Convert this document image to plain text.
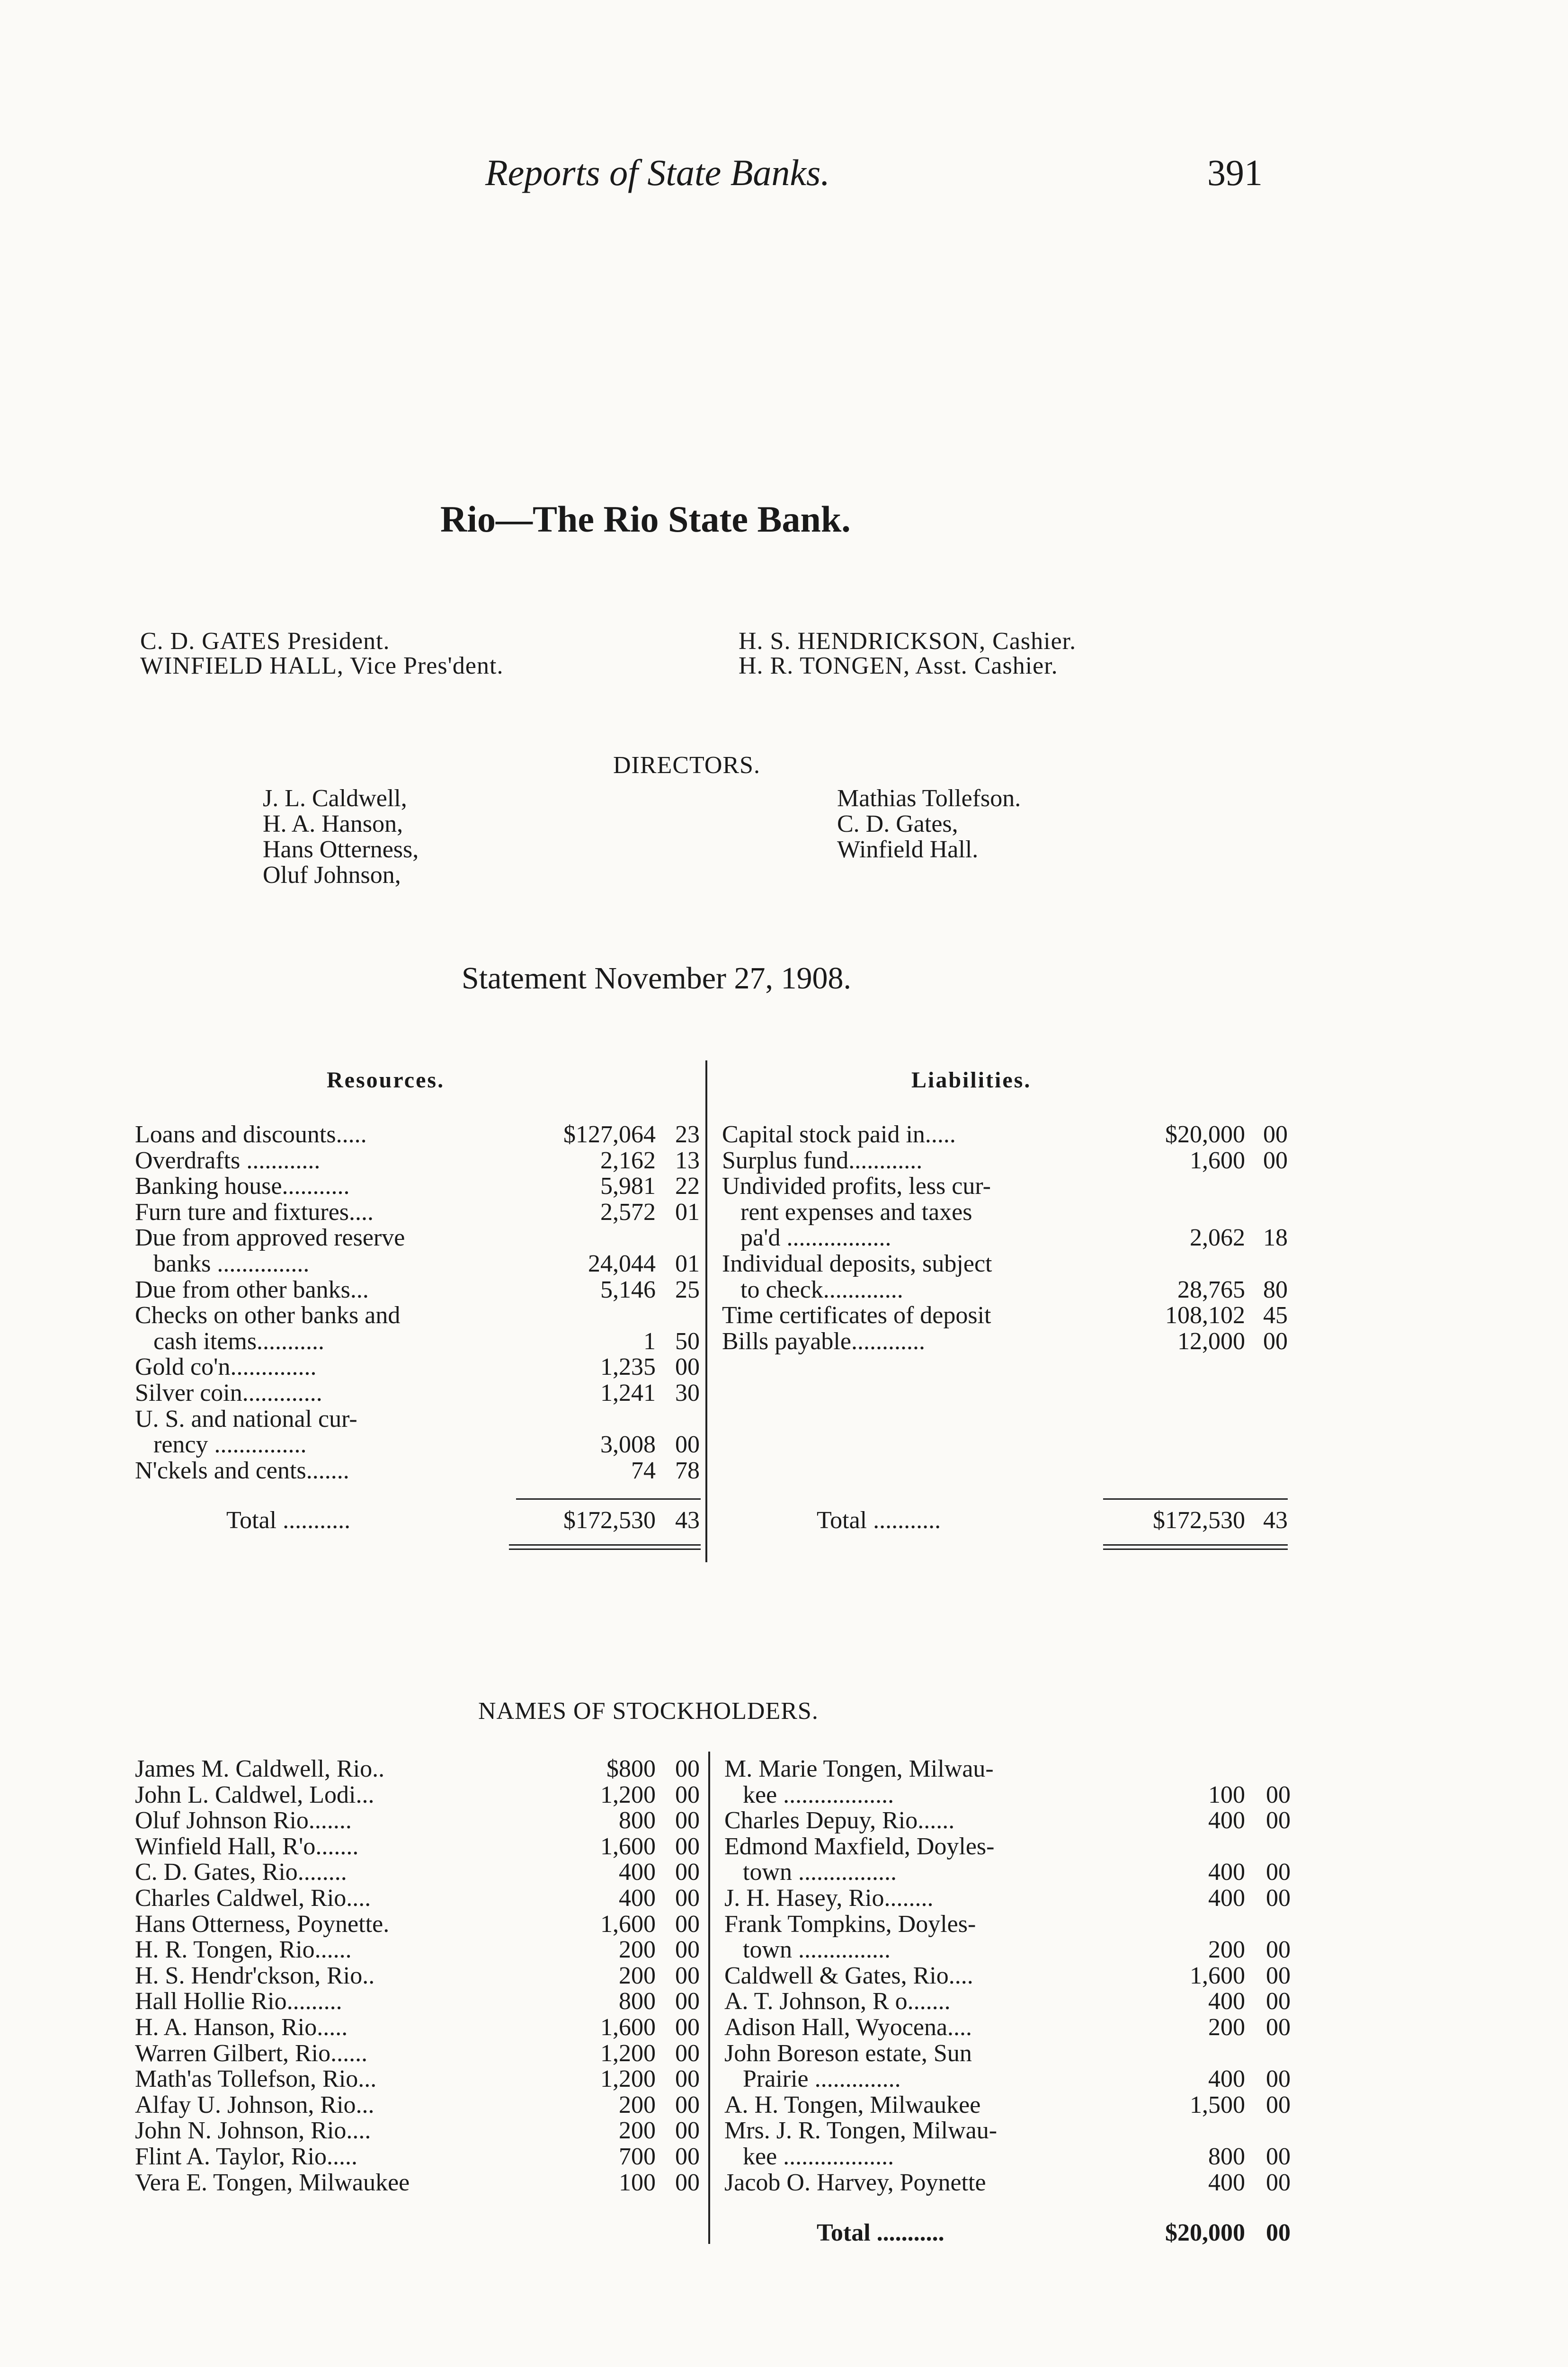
Reports of State Banks.	391
Rio—The Rio State Bank.
C. D. GATES President.
WINFIELD HALL, Vice Pres'dent.
H. S. HENDRICKSON, Cashier.
H. R. TONGEN, Asst. Cashier.
DIRECTORS.
J. L. Caldwell,
H. A. Hanson,
Hans Otterness,
Oluf Johnson,
Mathias Tollefson.
C. D. Gates,
Winfield Hall.
Statement November 27, 1908.
Resources.	Liabilities.
Loans and discounts.....	$127,064 23
Overdrafts ............	2,162 13
Banking house...........	5,981 22
Furn ture and fixtures....	2,572 01
Due from approved reserve
banks ...............	24,044 01
Due from other banks...	5,146 25
Checks on other banks and
cash items...........	1 50
Gold co'n..............	1,235 00
Silver coin.............	1,241 30
U. S. and national cur-
rency ...............	3,008 00
N'ckels and cents.......	74 78
Total ...........	$172,530 43
Capital stock paid in.....	$20,000 00
Surplus fund............	1,600 00
Undivided profits, less cur-
rent expenses and taxes
pa'd .................	2,062 18
Individual deposits, subject
to check.............	28,765 80
Time certificates of deposit	108,102 45
Bills payable............	12,000 00
Total ...........	$172,530 43
NAMES OF STOCKHOLDERS.
James M. Caldwell, Rio..	$800 00
John L. Caldwel, Lodi...	1,200 00
Oluf Johnson Rio.......	800 00
Winfield Hall, R'o.......	1,600 00
C. D. Gates, Rio........	400 00
Charles Caldwel, Rio....	400 00
Hans Otterness, Poynette.	1,600 00
H. R. Tongen, Rio......	200 00
H. S. Hendr'ckson, Rio..	200 00
Hall Hollie Rio.........	800 00
H. A. Hanson, Rio.....	1,600 00
Warren Gilbert, Rio......	1,200 00
Math'as Tollefson, Rio...	1,200 00
Alfay U. Johnson, Rio...	200 00
John N. Johnson, Rio....	200 00
Flint A. Taylor, Rio.....	700 00
Vera E. Tongen, Milwaukee	100 00
M. Marie Tongen, Milwau-
kee ..................	100 00
Charles Depuy, Rio......	400 00
Edmond Maxfield, Doyles-
town ................	400 00
J. H. Hasey, Rio........	400 00
Frank Tompkins, Doyles-
town ...............	200 00
Caldwell & Gates, Rio....	1,600 00
A. T. Johnson, R o.......	400 00
Adison Hall, Wyocena....	200 00
John Boreson estate, Sun
Prairie ..............	400 00
A. H. Tongen, Milwaukee	1,500 00
Mrs. J. R. Tongen, Milwau-
kee ..................	800 00
Jacob O. Harvey, Poynette	400 00
Total ...........	$20,000 00
